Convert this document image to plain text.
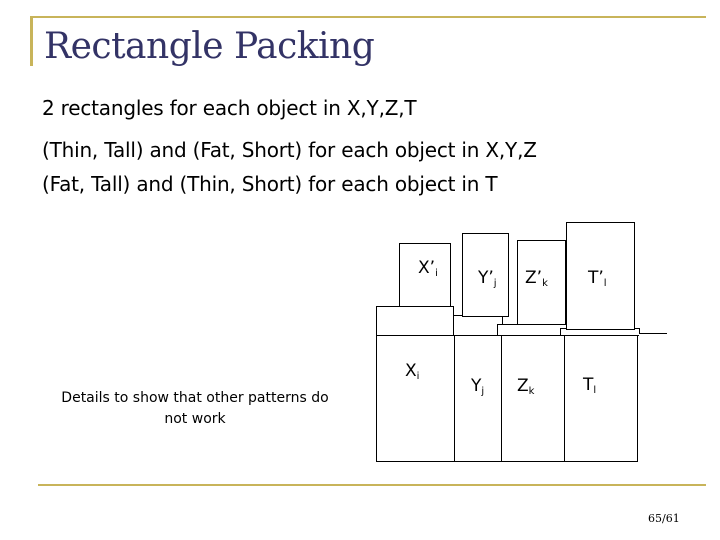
Rectangle Packing
2 rectangles for each object in X,Y,Z,T
(Thin, Tall) and (Fat, Short) for each object in X,Y,Z
(Fat, Tall) and (Thin, Short) for each object in T
$X’_i$ $Y’_j$ $Z’_k$ $T’_l$
$X_i$	$Y_j$ $Z_k$	$T_l$
Details to show that other patterns do not work
65/61
